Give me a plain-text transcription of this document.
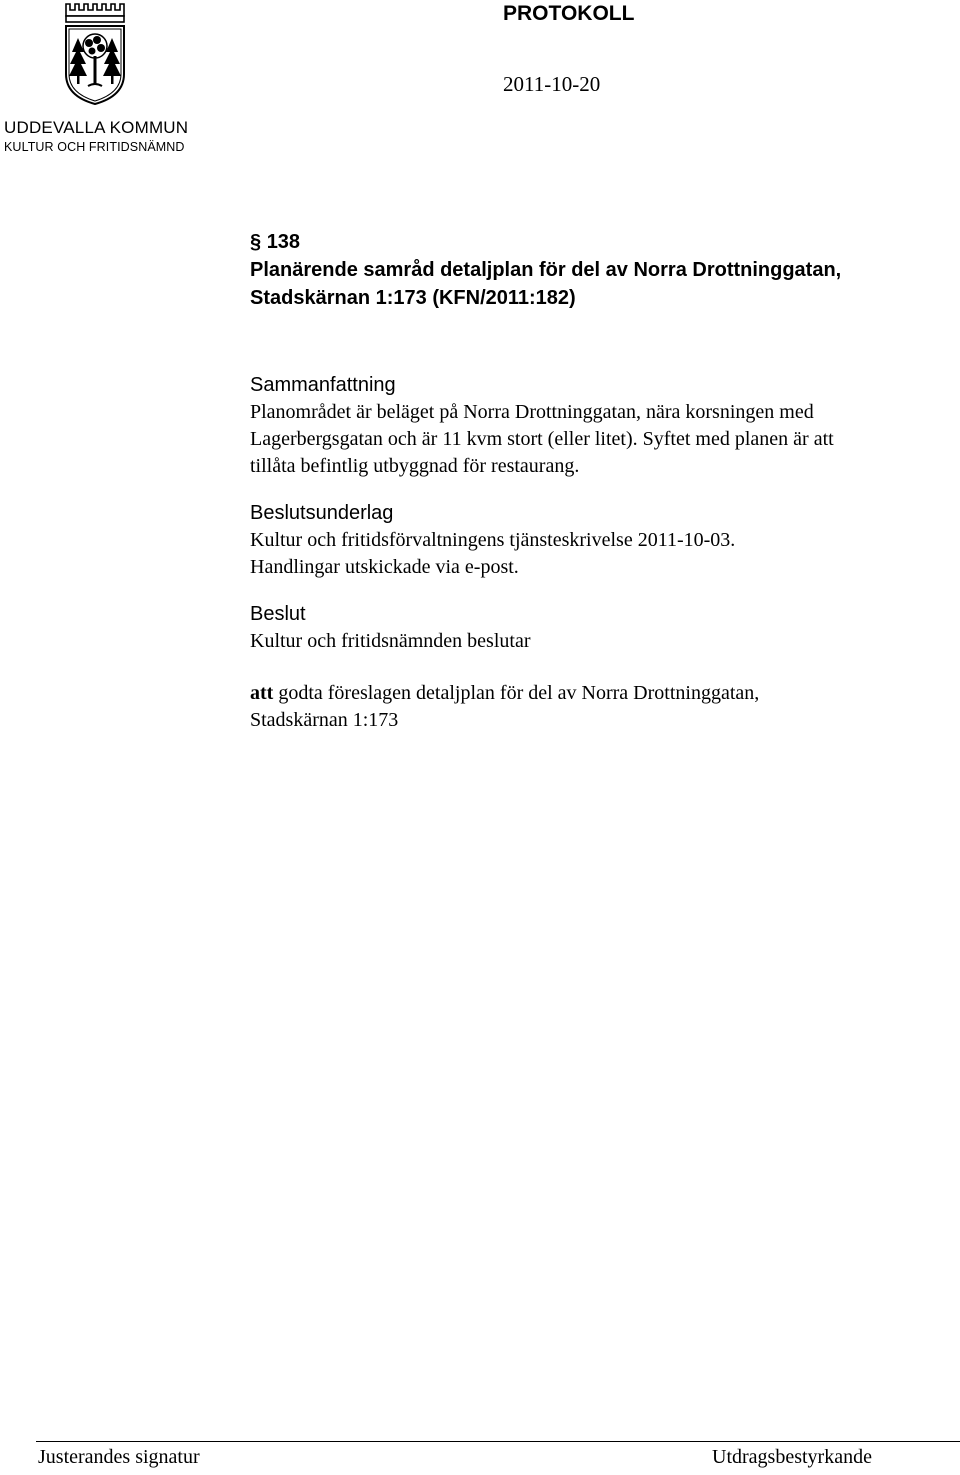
UDDEVALLA KOMMUN
KULTUR OCH FRITIDSNÄMND
PROTOKOLL
2011-10-20
§ 138

Planärende samråd detaljplan för del av Norra Drottninggatan,

Stadskärnan 1:173 (KFN/2011:182)

Sammanfattning

Planområdet är beläget på Norra Drottninggatan, nära korsningen med

Lagerbergsgatan och är 11 kvm stort (eller litet). Syftet med planen är att

tillåta befintlig utbyggnad för restaurang.

Beslutsunderlag

Kultur och fritidsförvaltningens tjänsteskrivelse 2011-10-03.

Handlingar utskickade via e-post.

Beslut

Kultur och fritidsnämnden beslutar

att godta föreslagen detaljplan för del av Norra Drottninggatan,

Stadskärnan 1:173

Justerandes signatur	Utdragsbestyrkande
